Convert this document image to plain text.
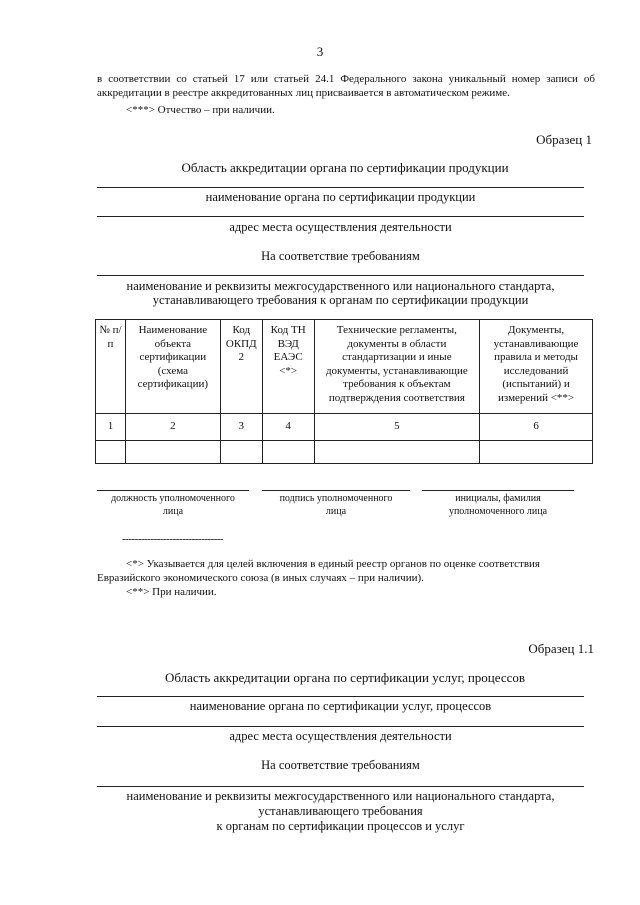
3
в соответствии со статьей 17 или статьей 24.1 Федерального закона уникальный номер записи об аккредитации в реестре аккредитованных лиц присваивается в автоматическом режиме.
<***> Отчество – при наличии.
Образец 1
Область аккредитации органа по сертификации продукции
наименование органа по сертификации продукции
адрес места осуществления деятельности
На соответствие требованиям
наименование и реквизиты межгосударственного или национального стандарта,
устанавливающего требования к органам по сертификации продукции
№ п/п	Наименование объекта сертификации (схема сертификации)	Код ОКПД 2	Код ТН ВЭД ЕАЭС <*>	Технические регламенты, документы в области стандартизации и иные документы, устанавливающие требования к объектам подтверждения соответствия	Документы, устанавливающие правила и методы исследований (испытаний) и измерений <**>
1	2	3	4	5	6

должность уполномоченного
лица
подпись уполномоченного
лица
инициалы, фамилия
уполномоченного лица
--------------------------------
<*> Указывается для целей включения в единый реестр органов по оценке соответствия
Евразийского экономического союза (в иных случаях – при наличии).
<**> При наличии.
Образец 1.1
Область аккредитации органа по сертификации услуг, процессов
наименование органа по сертификации услуг, процессов
адрес места осуществления деятельности
На соответствие требованиям
наименование и реквизиты межгосударственного или национального стандарта,
устанавливающего требования
к органам по сертификации процессов и услуг
